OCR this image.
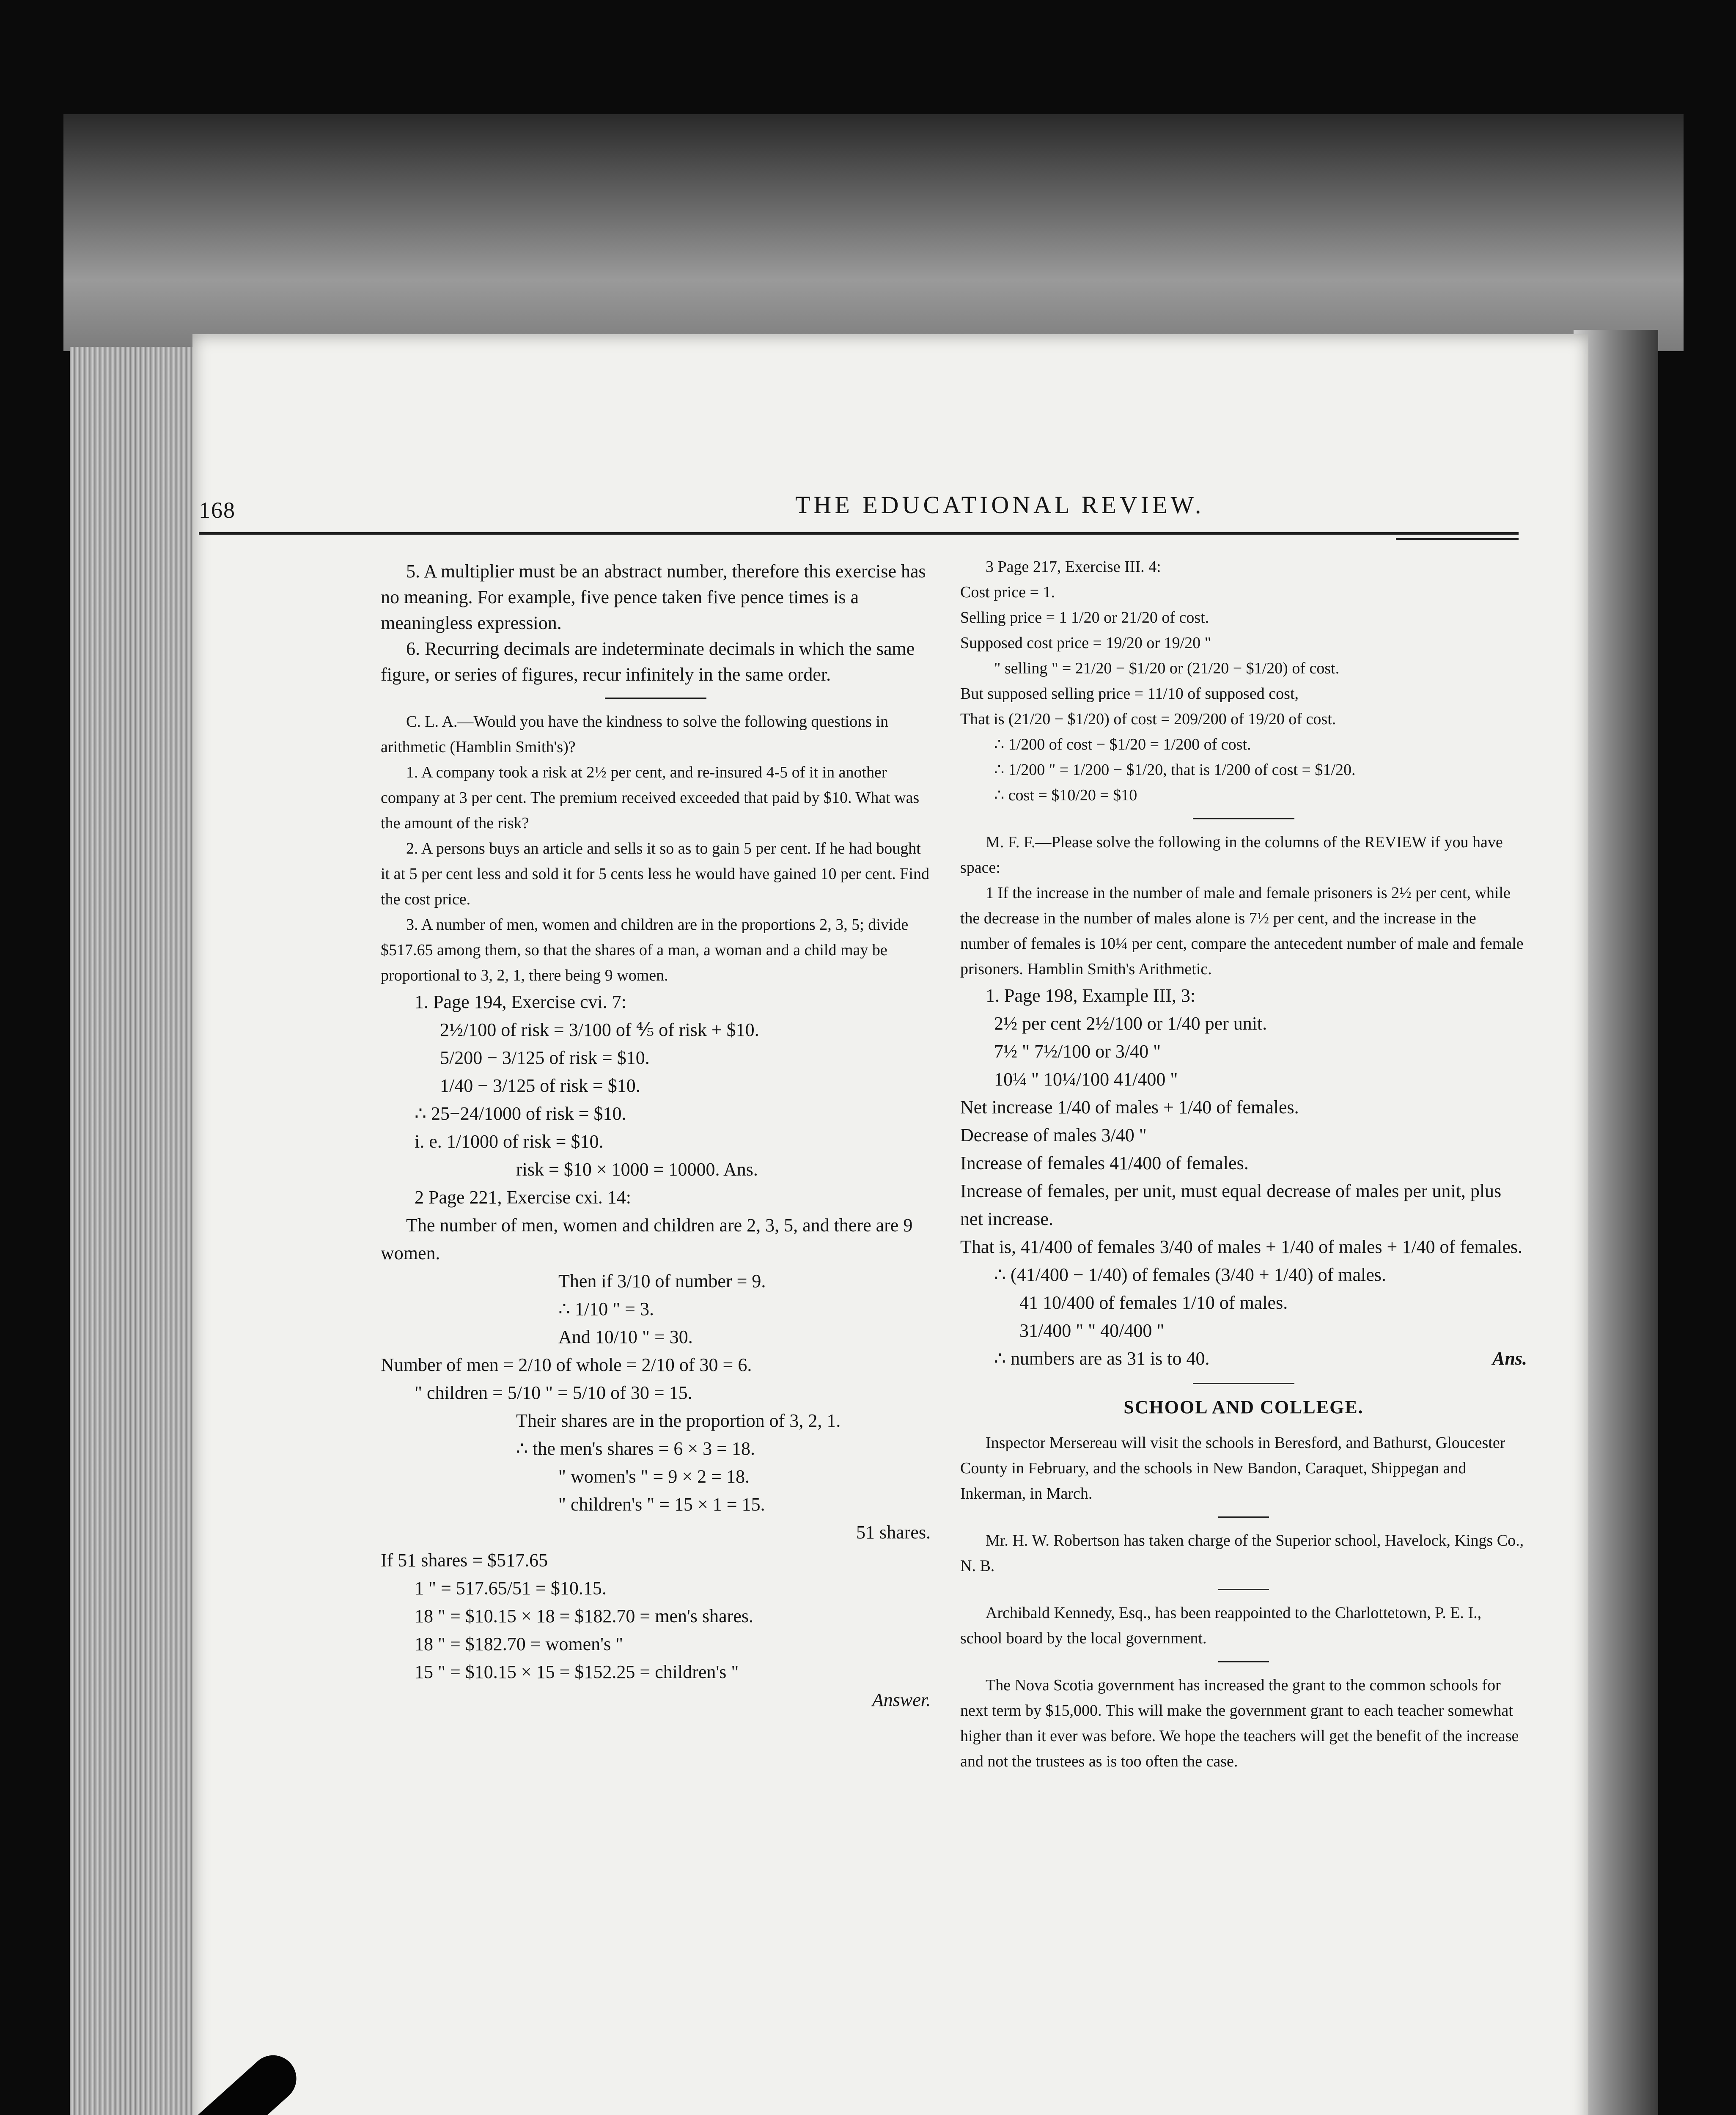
168	THE EDUCATIONAL REVIEW.

5. A multiplier must be an abstract number, therefore this exercise has no meaning. For example, five pence taken five pence times is a meaningless expression.

6. Recurring decimals are indeterminate decimals in which the same figure, or series of figures, recur infinitely in the same order.

C. L. A.—Would you have the kindness to solve the following questions in arithmetic (Hamblin Smith's)?

1. A company took a risk at 2½ per cent, and re-insured 4-5 of it in another company at 3 per cent. The premium received exceeded that paid by $10. What was the amount of the risk?

2. A persons buys an article and sells it so as to gain 5 per cent. If he had bought it at 5 per cent less and sold it for 5 cents less he would have gained 10 per cent. Find the cost price.

3. A number of men, women and children are in the proportions 2, 3, 5; divide $517.65 among them, so that the shares of a man, a woman and a child may be proportional to 3, 2, 1, there being 9 women.

1. Page 194, Exercise cvi. 7:

2½/100 of risk = 3/100 of ⅘ of risk + $10.

5/200 − 3/125 of risk = $10.

1/40 − 3/125 of risk = $10.

∴ 25−24/1000 of risk = $10.

i. e. 1/1000 of risk = $10.

risk = $10 × 1000 = 10000. Ans.

2 Page 221, Exercise cxi. 14:

The number of men, women and children are 2, 3, 5, and there are 9 women.

Then if 3/10 of number = 9.

∴ 1/10 " = 3.

And 10/10 " = 30.

Number of men = 2/10 of whole = 2/10 of 30 = 6.

" children = 5/10 " = 5/10 of 30 = 15.

Their shares are in the proportion of 3, 2, 1.

∴ the men's shares = 6 × 3 = 18.

" women's " = 9 × 2 = 18.

" children's " = 15 × 1 = 15.

51 shares.

If 51 shares = $517.65

1 " = 517.65/51 = $10.15.

18 " = $10.15 × 18 = $182.70 = men's shares.

18 " = $182.70 = women's "

15 " = $10.15 × 15 = $152.25 = children's "

Answer.

3 Page 217, Exercise III. 4:

Cost price = 1.

Selling price = 1 1/20 or 21/20 of cost.

Supposed cost price = 19/20 or 19/20 "

" selling " = 21/20 − $1/20 or (21/20 − $1/20) of cost.

But supposed selling price = 11/10 of supposed cost,

That is (21/20 − $1/20) of cost = 209/200 of 19/20 of cost.

∴ 1/200 of cost − $1/20 = 1/200 of cost.

∴ 1/200 " = 1/200 − $1/20, that is 1/200 of cost = $1/20.

∴ cost = $10/20 = $10

M. F. F.—Please solve the following in the columns of the REVIEW if you have space:

1 If the increase in the number of male and female prisoners is 2½ per cent, while the decrease in the number of males alone is 7½ per cent, and the increase in the number of females is 10¼ per cent, compare the antecedent number of male and female prisoners. Hamblin Smith's Arithmetic.

1. Page 198, Example III, 3:

2½ per cent 2½/100 or 1/40 per unit.

7½ " 7½/100 or 3/40 "

10¼ " 10¼/100 41/400 "

Net increase 1/40 of males + 1/40 of females.

Decrease of males 3/40 "

Increase of females 41/400 of females.

Increase of females, per unit, must equal decrease of males per unit, plus net increase.

That is, 41/400 of females 3/40 of males + 1/40 of males + 1/40 of females.

∴ (41/400 − 1/40) of females (3/40 + 1/40) of males.

41 10/400 of females 1/10 of males.

31/400 " " 40/400 "

∴ numbers are as 31 is to 40.	Ans.

SCHOOL AND COLLEGE.

Inspector Mersereau will visit the schools in Beresford, and Bathurst, Gloucester County in February, and the schools in New Bandon, Caraquet, Shippegan and Inkerman, in March.

Mr. H. W. Robertson has taken charge of the Superior school, Havelock, Kings Co., N. B.

Archibald Kennedy, Esq., has been reappointed to the Charlottetown, P. E. I., school board by the local government.

The Nova Scotia government has increased the grant to the common schools for next term by $15,000. This will make the government grant to each teacher somewhat higher than it ever was before. We hope the teachers will get the benefit of the increase and not the trustees as is too often the case.
